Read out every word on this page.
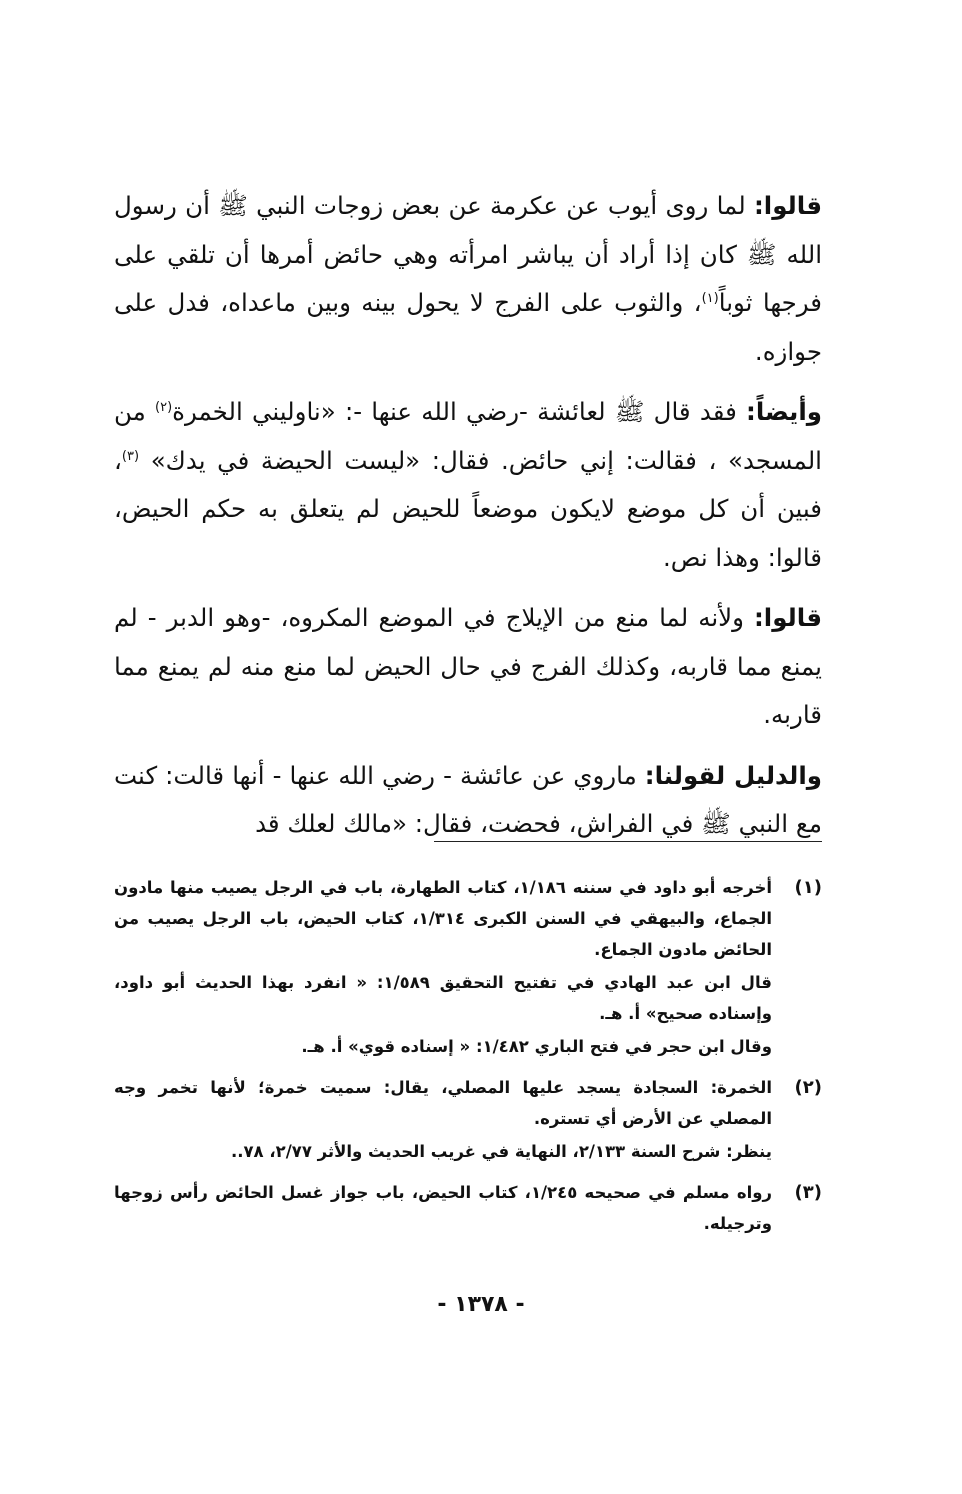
قالوا: لما روى أيوب عن عكرمة عن بعض زوجات النبي ﷺ أن رسول الله ﷺ كان إذا أراد أن يباشر امرأته وهي حائض أمرها أن تلقي على فرجها ثوباً$^{(١)}$، والثوب على الفرج لا يحول بينه وبين ماعداه، فدل على جوازه.

وأيضاً: فقد قال ﷺ لعائشة -رضي الله عنها -: «ناوليني الخمرة$^{(٢)}$ من المسجد» ، فقالت: إني حائض. فقال: «ليست الحيضة في يدك» $^{(٣)}$، فبين أن كل موضع لايكون موضعاً للحيض لم يتعلق به حكم الحيض، قالوا: وهذا نص.

قالوا: ولأنه لما منع من الإيلاج في الموضع المكروه، -وهو الدبر - لم يمنع مما قاربه، وكذلك الفرج في حال الحيض لما منع منه لم يمنع مما قاربه.

والدليل لقولنا: ماروي عن عائشة - رضي الله عنها - أنها قالت: كنت مع النبي ﷺ في الفراش، فحضت، فقال: «مالك لعلك قد

(١)

أخرجه أبو داود في سننه ١/١٨٦، كتاب الطهارة، باب في الرجل يصيب منها مادون الجماع، والبيهقي في السنن الكبرى ١/٣١٤، كتاب الحيض، باب الرجل يصيب من الحائض مادون الجماع.

قال ابن عبد الهادي في تفتيح التحقيق ١/٥٨٩: « انفرد بهذا الحديث أبو داود، وإسناده صحيح» أ. هـ.

وقال ابن حجر في فتح الباري ١/٤٨٢: « إسناده قوي» أ. هـ.

(٢)

الخمرة: السجادة يسجد عليها المصلي، يقال: سميت خمرة؛ لأنها تخمر وجه المصلي عن الأرض أي تستره.

ينظر: شرح السنة ٢/١٣٣، النهاية في غريب الحديث والأثر ٢/٧٧، ٧٨..

(٣)

رواه مسلم في صحيحه ١/٢٤٥، كتاب الحيض، باب جواز غسل الحائض رأس زوجها وترجيله.

- ١٣٧٨ -
